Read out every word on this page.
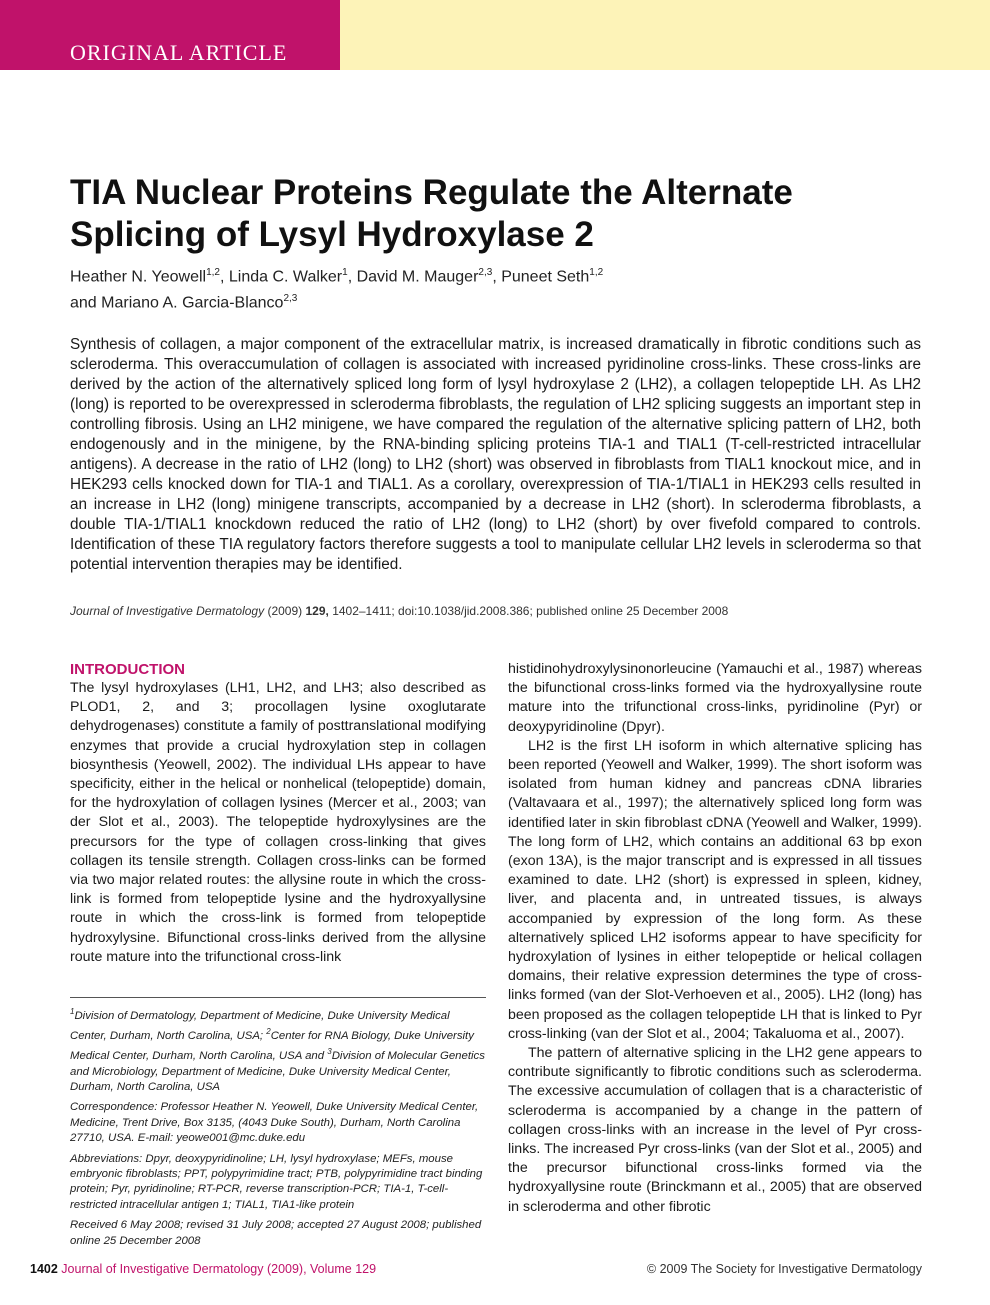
ORIGINAL ARTICLE
TIA Nuclear Proteins Regulate the Alternate Splicing of Lysyl Hydroxylase 2
Heather N. Yeowell$^{1,2}$, Linda C. Walker$^1$, David M. Mauger$^{2,3}$, Puneet Seth$^{1,2}$
and Mariano A. Garcia-Blanco$^{2,3}$

Synthesis of collagen, a major component of the extracellular matrix, is increased dramatically in fibrotic conditions such as scleroderma. This overaccumulation of collagen is associated with increased pyridinoline cross-links. These cross-links are derived by the action of the alternatively spliced long form of lysyl hydroxylase 2 (LH2), a collagen telopeptide LH. As LH2 (long) is reported to be overexpressed in scleroderma fibroblasts, the regulation of LH2 splicing suggests an important step in controlling fibrosis. Using an LH2 minigene, we have compared the regulation of the alternative splicing pattern of LH2, both endogenously and in the minigene, by the RNA-binding splicing proteins TIA-1 and TIAL1 (T-cell-restricted intracellular antigens). A decrease in the ratio of LH2 (long) to LH2 (short) was observed in fibroblasts from TIAL1 knockout mice, and in HEK293 cells knocked down for TIA-1 and TIAL1. As a corollary, overexpression of TIA-1/TIAL1 in HEK293 cells resulted in an increase in LH2 (long) minigene transcripts, accompanied by a decrease in LH2 (short). In scleroderma fibroblasts, a double TIA-1/TIAL1 knockdown reduced the ratio of LH2 (long) to LH2 (short) by over fivefold compared to controls. Identification of these TIA regulatory factors therefore suggests a tool to manipulate cellular LH2 levels in scleroderma so that potential intervention therapies may be identified.

Journal of Investigative Dermatology (2009) 129, 1402–1411; doi:10.1038/jid.2008.386; published online 25 December 2008
INTRODUCTION

The lysyl hydroxylases (LH1, LH2, and LH3; also described as PLOD1, 2, and 3; procollagen lysine oxoglutarate dehydrogenases) constitute a family of posttranslational modifying enzymes that provide a crucial hydroxylation step in collagen biosynthesis (Yeowell, 2002). The individual LHs appear to have specificity, either in the helical or nonhelical (telopeptide) domain, for the hydroxylation of collagen lysines (Mercer et al., 2003; van der Slot et al., 2003). The telopeptide hydroxylysines are the precursors for the type of collagen cross-linking that gives collagen its tensile strength. Collagen cross-links can be formed via two major related routes: the allysine route in which the cross-link is formed from telopeptide lysine and the hydroxyallysine route in which the cross-link is formed from telopeptide hydroxylysine. Bifunctional cross-links derived from the allysine route mature into the trifunctional cross-link

histidinohydroxylysinonorleucine (Yamauchi et al., 1987) whereas the bifunctional cross-links formed via the hydroxyallysine route mature into the trifunctional cross-links, pyridinoline (Pyr) or deoxypyridinoline (Dpyr).

LH2 is the first LH isoform in which alternative splicing has been reported (Yeowell and Walker, 1999). The short isoform was isolated from human kidney and pancreas cDNA libraries (Valtavaara et al., 1997); the alternatively spliced long form was identified later in skin fibroblast cDNA (Yeowell and Walker, 1999). The long form of LH2, which contains an additional 63 bp exon (exon 13A), is the major transcript and is expressed in all tissues examined to date. LH2 (short) is expressed in spleen, kidney, liver, and placenta and, in untreated tissues, is always accompanied by expression of the long form. As these alternatively spliced LH2 isoforms appear to have specificity for hydroxylation of lysines in either telopeptide or helical collagen domains, their relative expression determines the type of cross-links formed (van der Slot-Verhoeven et al., 2005). LH2 (long) has been proposed as the collagen telopeptide LH that is linked to Pyr cross-linking (van der Slot et al., 2004; Takaluoma et al., 2007).

The pattern of alternative splicing in the LH2 gene appears to contribute significantly to fibrotic conditions such as scleroderma. The excessive accumulation of collagen that is a characteristic of scleroderma is accompanied by a change in the pattern of collagen cross-links with an increase in the level of Pyr cross-links. The increased Pyr cross-links (van der Slot et al., 2005) and the precursor bifunctional cross-links formed via the hydroxyallysine route (Brinckmann et al., 2005) that are observed in scleroderma and other fibrotic

$^1$Division of Dermatology, Department of Medicine, Duke University Medical Center, Durham, North Carolina, USA; $^2$Center for RNA Biology, Duke University Medical Center, Durham, North Carolina, USA and $^3$Division of Molecular Genetics and Microbiology, Department of Medicine, Duke University Medical Center, Durham, North Carolina, USA

Correspondence: Professor Heather N. Yeowell, Duke University Medical Center, Medicine, Trent Drive, Box 3135, (4043 Duke South), Durham, North Carolina 27710, USA. E-mail: yeowe001@mc.duke.edu

Abbreviations: Dpyr, deoxypyridinoline; LH, lysyl hydroxylase; MEFs, mouse embryonic fibroblasts; PPT, polypyrimidine tract; PTB, polypyrimidine tract binding protein; Pyr, pyridinoline; RT-PCR, reverse transcription-PCR; TIA-1, T-cell-restricted intracellular antigen 1; TIAL1, TIA1-like protein

Received 6 May 2008; revised 31 July 2008; accepted 27 August 2008; published online 25 December 2008

1402 Journal of Investigative Dermatology (2009), Volume 129	© 2009 The Society for Investigative Dermatology
